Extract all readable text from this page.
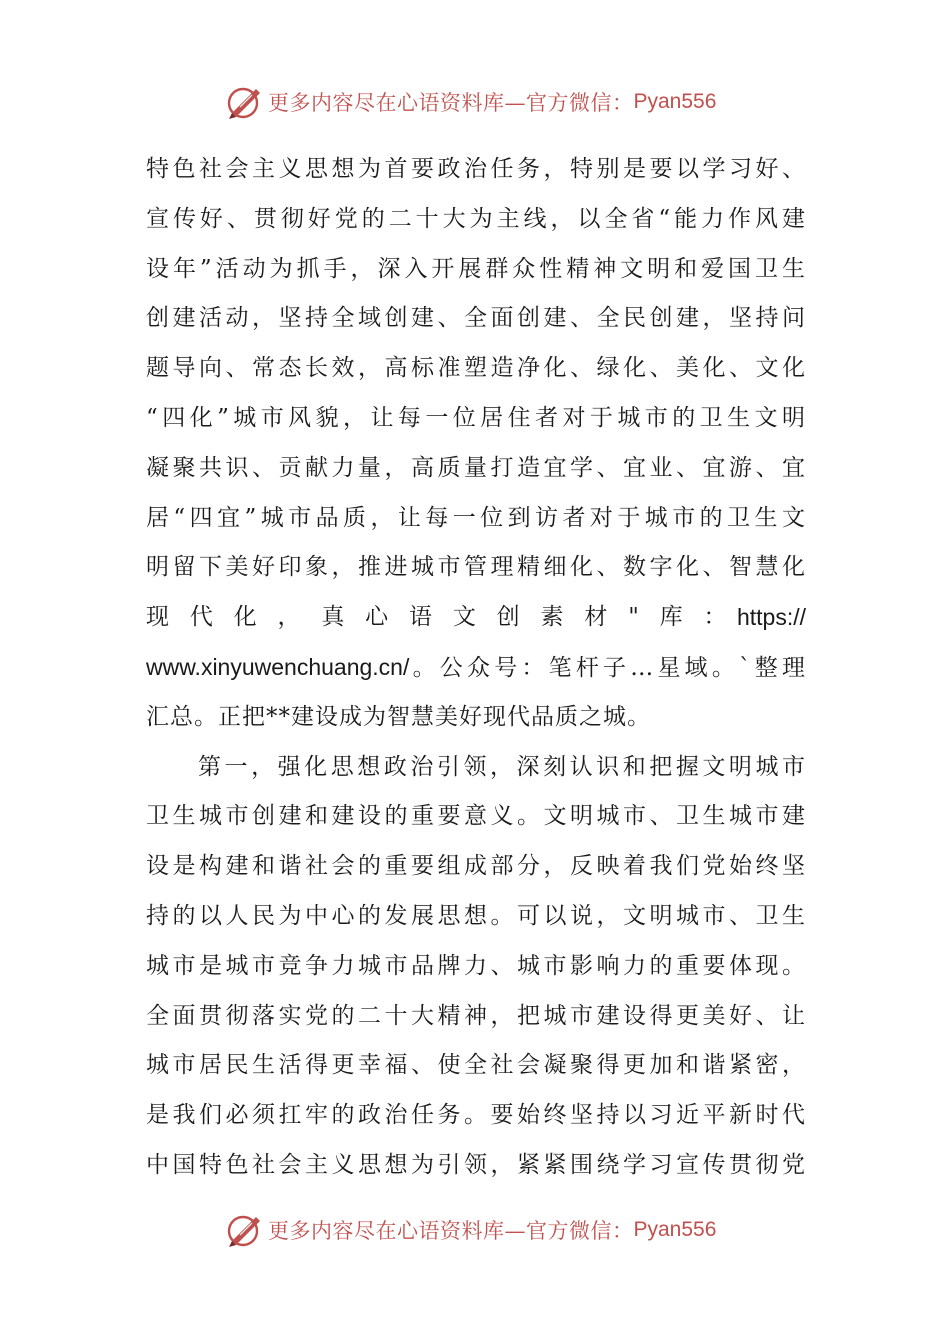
更多内容尽在心语资料库—官方微信： Pyan556
特色社会主义思想为首要政治任务，特别是要以学习好、
宣传好、贯彻好党的二十大为主线，以全省“能力作风建
设年”活动为抓手，深入开展群众性精神文明和爱国卫生
创建活动，坚持全域创建、全面创建、全民创建，坚持问
题导向、常态长效，高标准塑造净化、绿化、美化、文化
“四化”城市风貌，让每一位居住者对于城市的卫生文明
凝聚共识、贡献力量，高质量打造宜学、宜业、宜游、宜
居“四宜”城市品质，让每一位到访者对于城市的卫生文
明留下美好印象，推进城市管理精细化、数字化、智慧化
现代化，真心语文创素材"库： https://
www.xinyuwenchuang.cn/。公众号：笔杆子…星域。`整理
汇总。正把**建设成为智慧美好现代品质之城。
第一，强化思想政治引领，深刻认识和把握文明城市
卫生城市创建和建设的重要意义。文明城市、卫生城市建
设是构建和谐社会的重要组成部分，反映着我们党始终坚
持的以人民为中心的发展思想。可以说，文明城市、卫生
城市是城市竞争力城市品牌力、城市影响力的重要体现。
全面贯彻落实党的二十大精神，把城市建设得更美好、让
城市居民生活得更幸福、使全社会凝聚得更加和谐紧密，
是我们必须扛牢的政治任务。要始终坚持以习近平新时代
中国特色社会主义思想为引领，紧紧围绕学习宣传贯彻党
更多内容尽在心语资料库—官方微信： Pyan556
